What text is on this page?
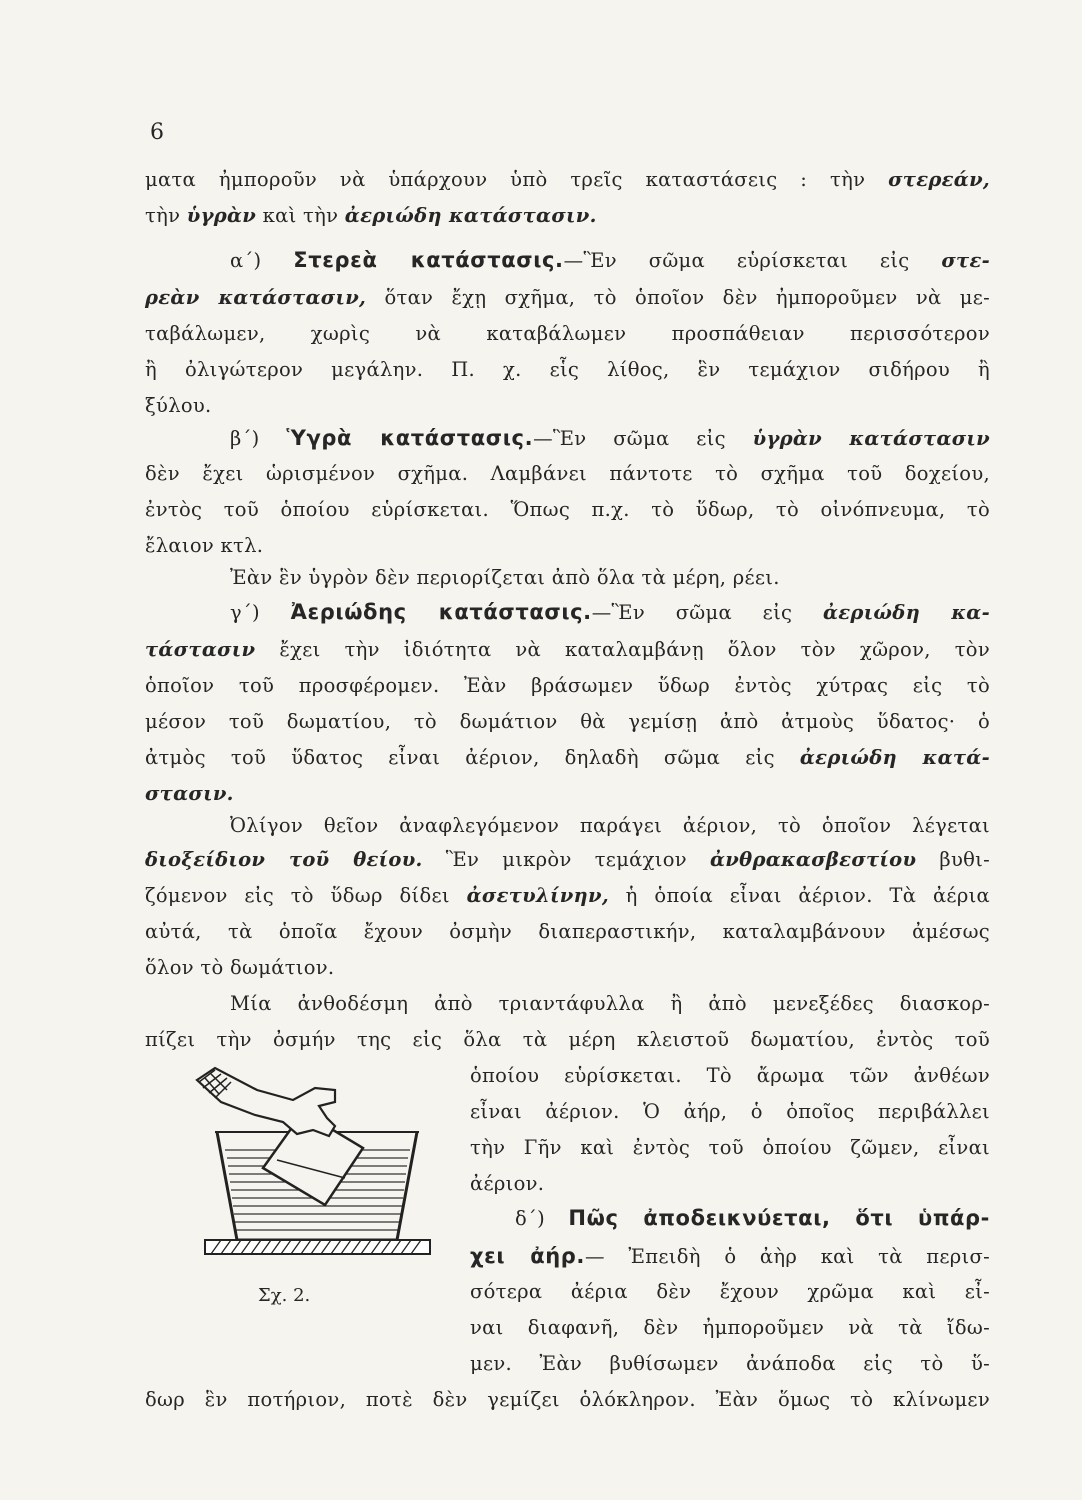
6

ματα ἠμποροῦν νὰ ὑπάρχουν ὑπὸ τρεῖς καταστάσεις : τὴν στερεάν,

τὴν ὑγρὰν καὶ τὴν ἀεριώδη κατάστασιν.

α΄) Στερεὰ κατάστασις.—Ἓν σῶμα εὑρίσκεται εἰς στε-

ρεὰν κατάστασιν, ὅταν ἔχῃ σχῆμα, τὸ ὁποῖον δὲν ἠμποροῦμεν νὰ με-

ταβάλωμεν, χωρὶς νὰ καταβάλωμεν προσπάθειαν περισσότερον

ἢ ὀλιγώτερον μεγάλην. Π. χ. εἷς λίθος, ἓν τεμάχιον σιδήρου ἢ

ξύλου.

β΄) Ὑγρὰ κατάστασις.—Ἓν σῶμα εἰς ὑγρὰν κατάστασιν

δὲν ἔχει ὡρισμένον σχῆμα. Λαμβάνει πάντοτε τὸ σχῆμα τοῦ δοχείου,

ἐντὸς τοῦ ὁποίου εὑρίσκεται. Ὅπως π.χ. τὸ ὕδωρ, τὸ οἰνόπνευμα, τὸ

ἔλαιον κτλ.

Ἐὰν ἓν ὑγρὸν δὲν περιορίζεται ἀπὸ ὅλα τὰ μέρη, ρέει.

γ΄) Ἀεριώδης κατάστασις.—Ἓν σῶμα εἰς ἀεριώδη κα-

τάστασιν ἔχει τὴν ἰδιότητα νὰ καταλαμβάνῃ ὅλον τὸν χῶρον, τὸν

ὁποῖον τοῦ προσφέρομεν. Ἐὰν βράσωμεν ὕδωρ ἐντὸς χύτρας εἰς τὸ

μέσον τοῦ δωματίου, τὸ δωμάτιον θὰ γεμίσῃ ἀπὸ ἀτμοὺς ὕδατος· ὁ

ἀτμὸς τοῦ ὕδατος εἶναι ἀέριον, δηλαδὴ σῶμα εἰς ἀεριώδη κατά-

στασιν.

Ὀλίγον θεῖον ἀναφλεγόμενον παράγει ἀέριον, τὸ ὁποῖον λέγεται

διοξείδιον τοῦ θείου. Ἓν μικρὸν τεμάχιον ἀνθρακασβεστίου βυθι-

ζόμενον εἰς τὸ ὕδωρ δίδει ἀσετυλίνην, ἡ ὁποία εἶναι ἀέριον. Τὰ ἀέρια

αὐτά, τὰ ὁποῖα ἔχουν ὀσμὴν διαπεραστικήν, καταλαμβάνουν ἀμέσως

ὅλον τὸ δωμάτιον.

Μία ἀνθοδέσμη ἀπὸ τριαντάφυλλα ἢ ἀπὸ μενεξέδες διασκορ-

πίζει τὴν ὀσμήν της εἰς ὅλα τὰ μέρη κλειστοῦ δωματίου, ἐντὸς τοῦ

ὁποίου εὑρίσκεται. Τὸ ἄρωμα τῶν ἀνθέων

εἶναι ἀέριον. Ὁ ἀήρ, ὁ ὁποῖος περιβάλλει

τὴν Γῆν καὶ ἐντὸς τοῦ ὁποίου ζῶμεν, εἶναι

ἀέριον.

δ΄) Πῶς ἀποδεικνύεται, ὅτι ὑπάρ-

χει ἀήρ.— Ἐπειδὴ ὁ ἀὴρ καὶ τὰ περισ-

σότερα ἀέρια δὲν ἔχουν χρῶμα καὶ εἶ-

ναι διαφανῆ, δὲν ἠμποροῦμεν νὰ τὰ ἴδω-

μεν. Ἐὰν βυθίσωμεν ἀνάποδα εἰς τὸ ὕ-

δωρ ἓν ποτήριον, ποτὲ δὲν γεμίζει ὁλόκληρον. Ἐὰν ὅμως τὸ κλίνωμεν

Σχ. 2.
